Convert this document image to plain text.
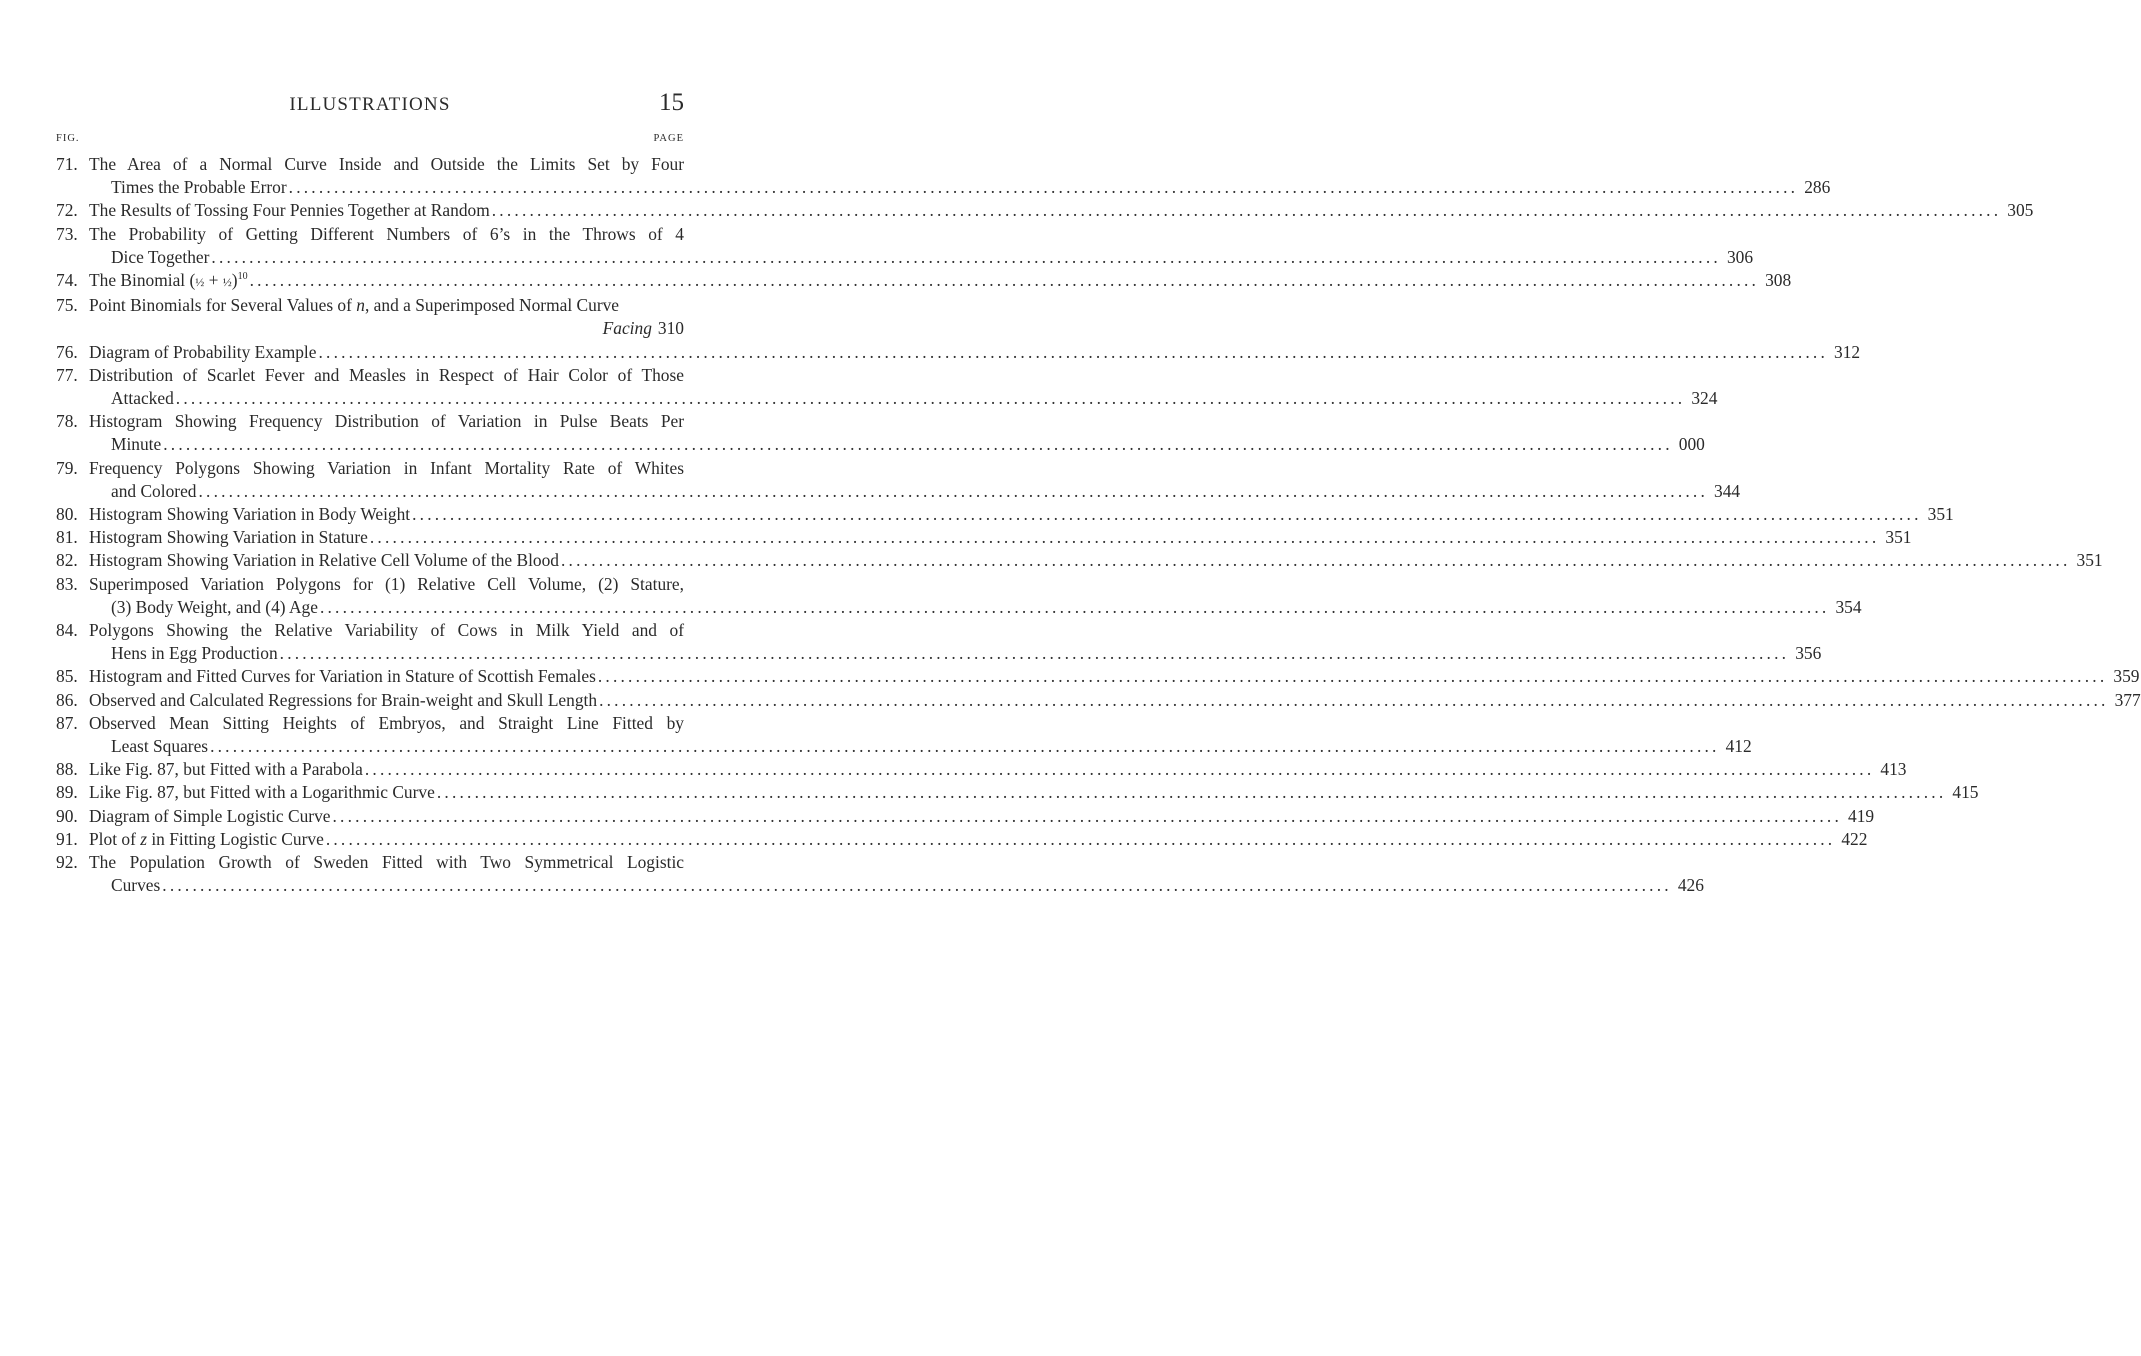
ILLUSTRATIONS	15
FIG.	PAGE
71. The Area of a Normal Curve Inside and Outside the Limits Set by Four
Times the Probable Error ........................................................................................................................................................................................................ 286
72. The Results of Tossing Four Pennies Together at Random ........................................................................................................................................................................................................ 305
73. The Probability of Getting Different Numbers of 6’s in the Throws of 4
Dice Together ........................................................................................................................................................................................................ 306
74. The Binomial (½ + ½)$^{10}$ ........................................................................................................................................................................................................ 308
75. Point Binomials for Several Values of n, and a Superimposed Normal Curve
Facing 310
76. Diagram of Probability Example ........................................................................................................................................................................................................ 312
77. Distribution of Scarlet Fever and Measles in Respect of Hair Color of Those
Attacked ........................................................................................................................................................................................................ 324
78. Histogram Showing Frequency Distribution of Variation in Pulse Beats Per
Minute ........................................................................................................................................................................................................ 000
79. Frequency Polygons Showing Variation in Infant Mortality Rate of Whites
and Colored ........................................................................................................................................................................................................ 344
80. Histogram Showing Variation in Body Weight ........................................................................................................................................................................................................ 351
81. Histogram Showing Variation in Stature ........................................................................................................................................................................................................ 351
82. Histogram Showing Variation in Relative Cell Volume of the Blood ........................................................................................................................................................................................................ 351
83. Superimposed Variation Polygons for (1) Relative Cell Volume, (2) Stature,
(3) Body Weight, and (4) Age ........................................................................................................................................................................................................ 354
84. Polygons Showing the Relative Variability of Cows in Milk Yield and of
Hens in Egg Production ........................................................................................................................................................................................................ 356
85. Histogram and Fitted Curves for Variation in Stature of Scottish Females ........................................................................................................................................................................................................ 359
86. Observed and Calculated Regressions for Brain-weight and Skull Length ........................................................................................................................................................................................................ 377
87. Observed Mean Sitting Heights of Embryos, and Straight Line Fitted by
Least Squares ........................................................................................................................................................................................................ 412
88. Like Fig. 87, but Fitted with a Parabola ........................................................................................................................................................................................................ 413
89. Like Fig. 87, but Fitted with a Logarithmic Curve ........................................................................................................................................................................................................ 415
90. Diagram of Simple Logistic Curve ........................................................................................................................................................................................................ 419
91. Plot of z in Fitting Logistic Curve ........................................................................................................................................................................................................ 422
92. The Population Growth of Sweden Fitted with Two Symmetrical Logistic
Curves ........................................................................................................................................................................................................ 426
